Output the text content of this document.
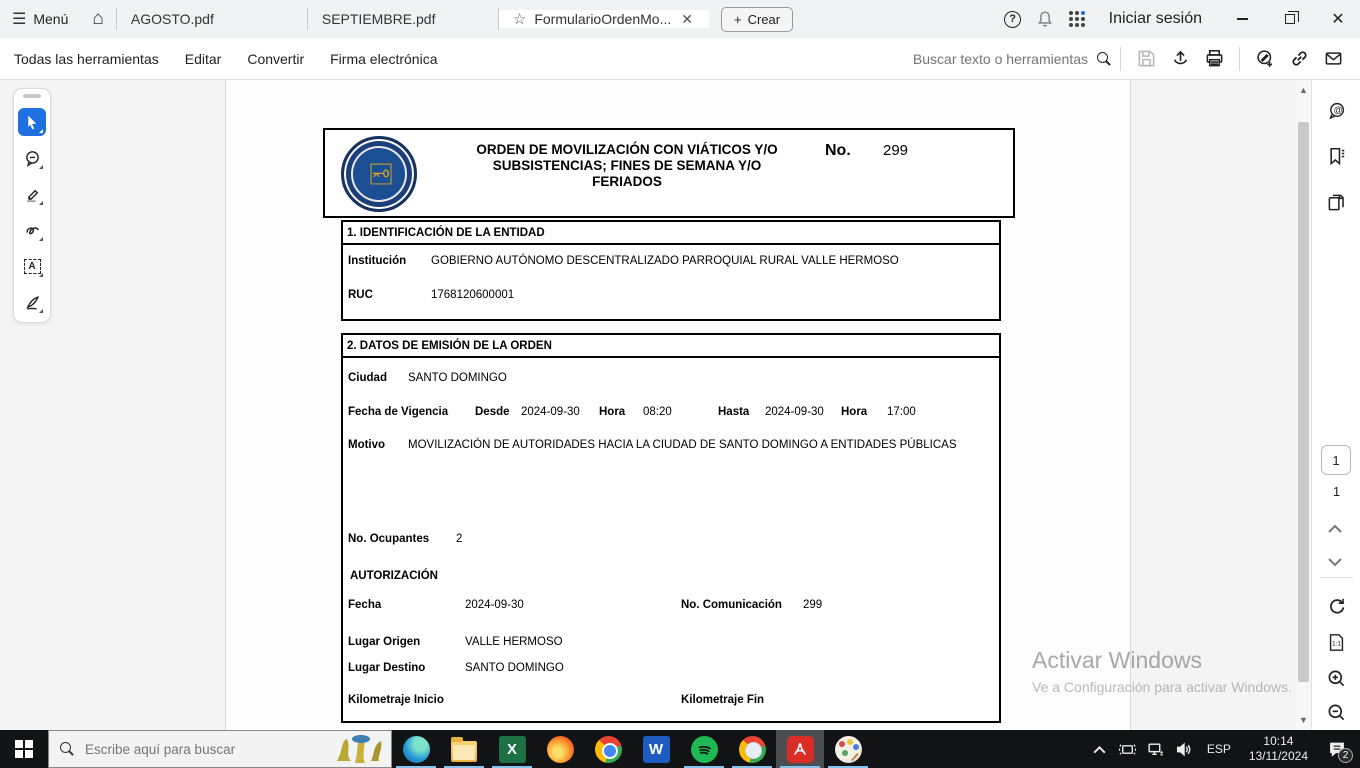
☰ Menú ⌂ AGOSTO.pdf	SEPTIEMBRE.pdf	☆ FormularioOrdenMo... ✕	+ Crear	?	Iniciar sesión	✕
Todas las herramientas Editar Convertir Firma electrónica
Buscar texto o herramientas
⚿
ORDEN DE MOVILIZACIÓN CON VIÁTICOS Y/O SUBSISTENCIAS; FINES DE SEMANA Y/O FERIADOS
No. 299
1. IDENTIFICACIÓN DE LA ENTIDAD
Institución GOBIERNO AUTÓNOMO DESCENTRALIZADO PARROQUIAL RURAL VALLE HERMOSO
RUC	1768120600001
2. DATOS DE EMISIÓN DE LA ORDEN
Ciudad SANTO DOMINGO
Fecha de Vigencia Desde 2024-09-30 Hora 08:20	Hasta 2024-09-30 Hora 17:00
Motivo MOVILIZACIÓN DE AUTORIDADES HACIA LA CIUDAD DE SANTO DOMINGO A ENTIDADES PÚBLICAS
No. Ocupantes 2
AUTORIZACIÓN
Fecha	2024-09-30	No. Comunicación 299
Lugar Origen	VALLE HERMOSO
Lugar Destino	SANTO DOMINGO
Kilometraje Inicio	Kilometraje Fin
A
Activar Windows
Ve a Configuración para activar Windows.
▲
▼
@
1
1
1:1
Escribe aquí para buscar
X	W	ESP
10:14
13/11/2024	2
